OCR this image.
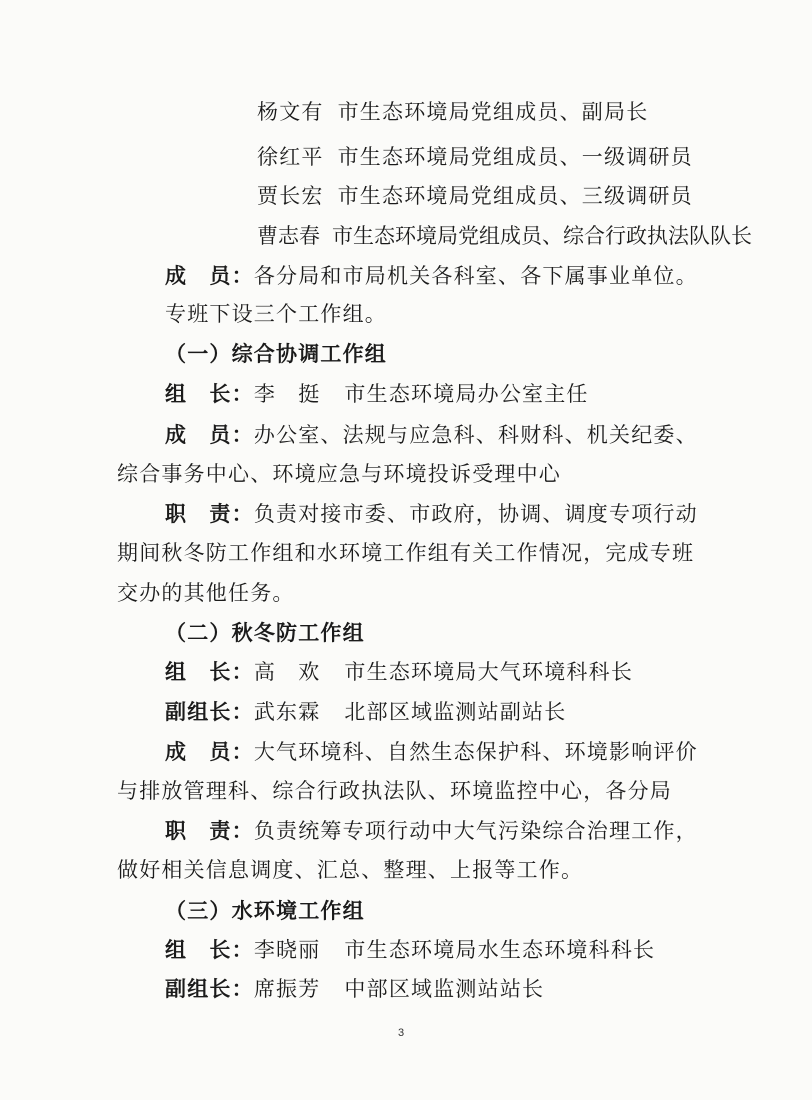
杨文有 市生态环境局党组成员、副局长
徐红平 市生态环境局党组成员、一级调研员
贾长宏 市生态环境局党组成员、三级调研员
曹志春 市生态环境局党组成员、综合行政执法队队长
成　员：各分局和市局机关各科室、各下属事业单位。
专班下设三个工作组。
（一）综合协调工作组
组　长：李　挺 市生态环境局办公室主任
成　员：办公室、法规与应急科、科财科、机关纪委、
综合事务中心、环境应急与环境投诉受理中心
职　责：负责对接市委、市政府，协调、调度专项行动
期间秋冬防工作组和水环境工作组有关工作情况，完成专班
交办的其他任务。
（二）秋冬防工作组
组　长：高　欢 市生态环境局大气环境科科长
副组长：武东霖 北部区域监测站副站长
成　员：大气环境科、自然生态保护科、环境影响评价
与排放管理科、综合行政执法队、环境监控中心，各分局
职　责：负责统筹专项行动中大气污染综合治理工作，
做好相关信息调度、汇总、整理、上报等工作。
（三）水环境工作组
组　长：李晓丽 市生态环境局水生态环境科科长
副组长：席振芳 中部区域监测站站长
3
